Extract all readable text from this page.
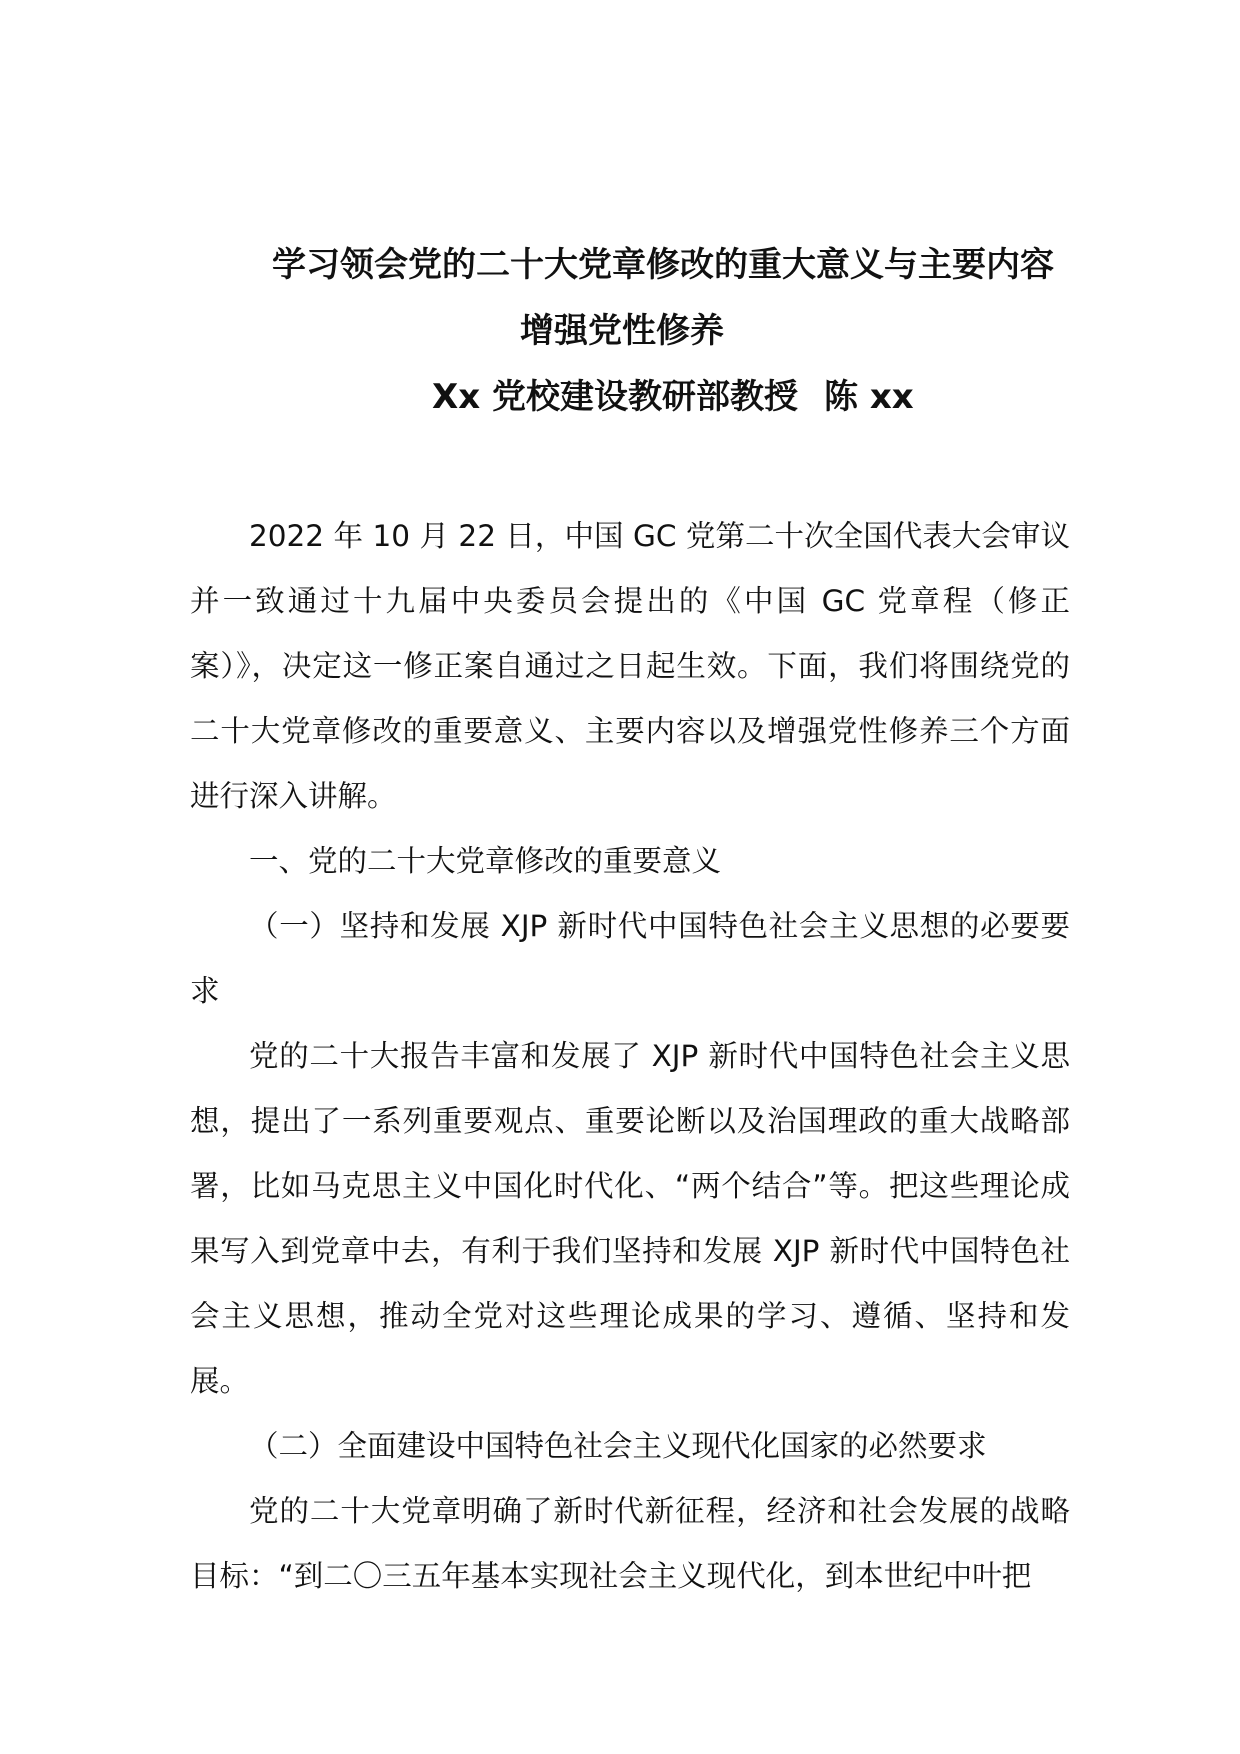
学习领会党的二十大党章修改的重大意义与主要内容
增强党性修养
Xx 党校建设教研部教授 陈 xx

2022 年 10 月 22 日，中国 GC 党第二十次全国代表大会审议并一致通过十九届中央委员会提出的《中国 GC 党章程（修正案）》，决定这一修正案自通过之日起生效。下面，我们将围绕党的二十大党章修改的重要意义、主要内容以及增强党性修养三个方面进行深入讲解。

一、党的二十大党章修改的重要意义

（一）坚持和发展 XJP 新时代中国特色社会主义思想的必要要求

党的二十大报告丰富和发展了 XJP 新时代中国特色社会主义思想，提出了一系列重要观点、重要论断以及治国理政的重大战略部署，比如马克思主义中国化时代化、“两个结合”等。把这些理论成果写入到党章中去，有利于我们坚持和发展 XJP 新时代中国特色社会主义思想，推动全党对这些理论成果的学习、遵循、坚持和发展。

（二）全面建设中国特色社会主义现代化国家的必然要求

党的二十大党章明确了新时代新征程，经济和社会发展的战略目标：“到二〇三五年基本实现社会主义现代化，到本世纪中叶把
